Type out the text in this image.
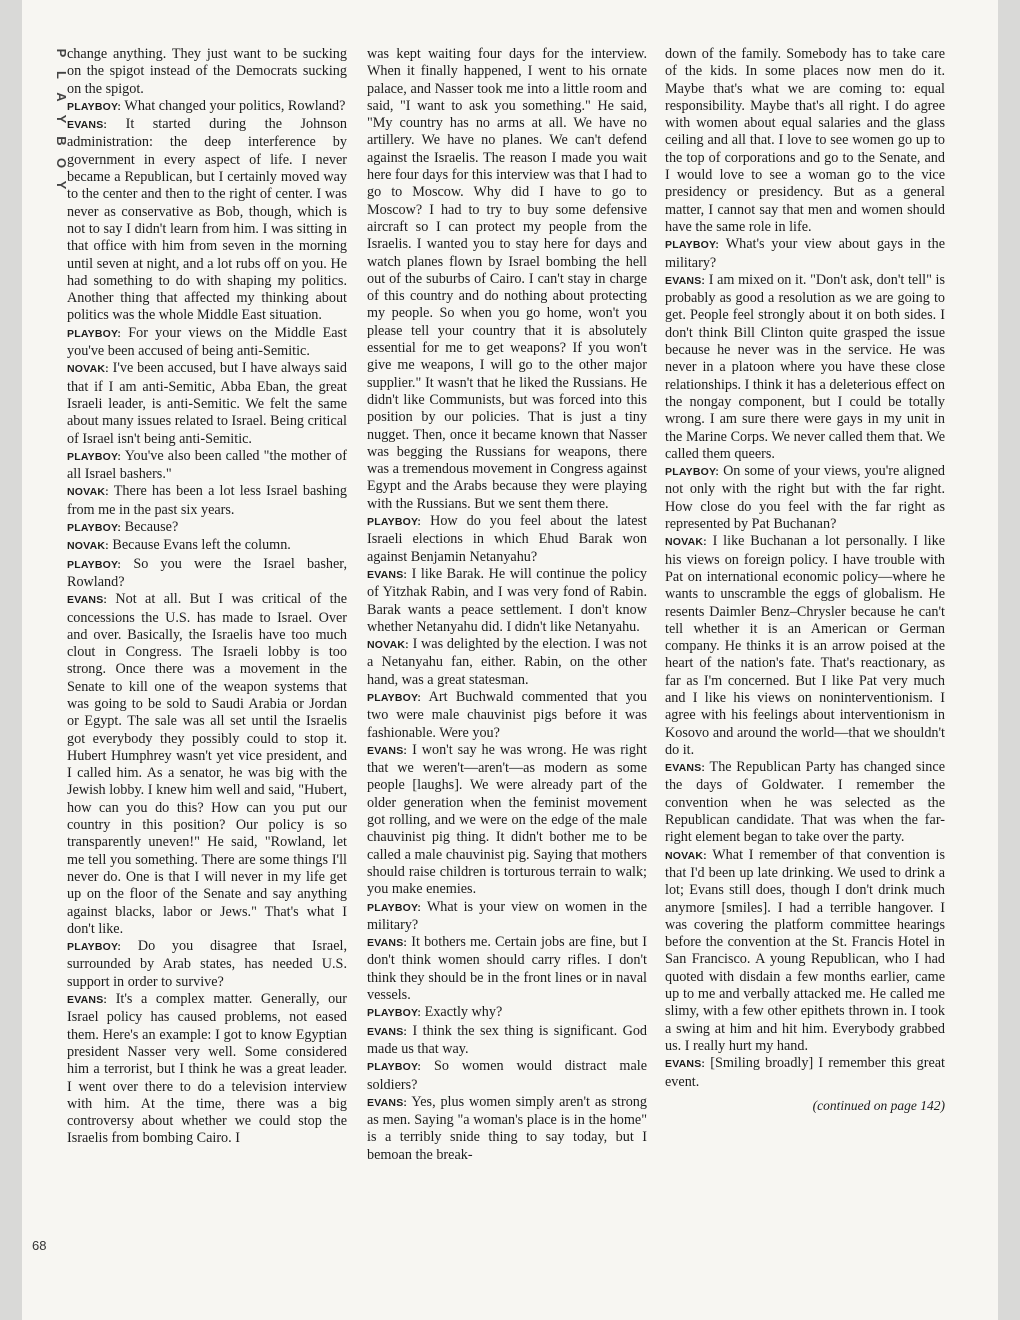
P
L
A
Y
B
O
Y
68

change anything. They just want to be sucking on the spigot instead of the Democrats sucking on the spigot.

PLAYBOY: What changed your politics, Rowland?

EVANS: It started during the Johnson administration: the deep interference by government in every aspect of life. I never became a Republican, but I certainly moved way to the center and then to the right of center. I was never as conservative as Bob, though, which is not to say I didn't learn from him. I was sitting in that office with him from seven in the morning until seven at night, and a lot rubs off on you. He had something to do with shaping my politics. Another thing that affected my thinking about politics was the whole Middle East situation.

PLAYBOY: For your views on the Middle East you've been accused of being anti-Semitic.

NOVAK: I've been accused, but I have always said that if I am anti-Semitic, Abba Eban, the great Israeli leader, is anti-Semitic. We felt the same about many issues related to Israel. Being critical of Israel isn't being anti-Semitic.

PLAYBOY: You've also been called "the mother of all Israel bashers."

NOVAK: There has been a lot less Israel bashing from me in the past six years.

PLAYBOY: Because?

NOVAK: Because Evans left the column.

PLAYBOY: So you were the Israel basher, Rowland?

EVANS: Not at all. But I was critical of the concessions the U.S. has made to Israel. Over and over. Basically, the Israelis have too much clout in Congress. The Israeli lobby is too strong. Once there was a movement in the Senate to kill one of the weapon systems that was going to be sold to Saudi Arabia or Jordan or Egypt. The sale was all set until the Israelis got everybody they possibly could to stop it. Hubert Humphrey wasn't yet vice president, and I called him. As a senator, he was big with the Jewish lobby. I knew him well and said, "Hubert, how can you do this? How can you put our country in this position? Our policy is so transparently uneven!" He said, "Rowland, let me tell you something. There are some things I'll never do. One is that I will never in my life get up on the floor of the Senate and say anything against blacks, labor or Jews." That's what I don't like.

PLAYBOY: Do you disagree that Israel, surrounded by Arab states, has needed U.S. support in order to survive?

EVANS: It's a complex matter. Generally, our Israel policy has caused problems, not eased them. Here's an example: I got to know Egyptian president Nasser very well. Some considered him a terrorist, but I think he was a great leader. I went over there to do a television interview with him. At the time, there was a big controversy about whether we could stop the Israelis from bombing Cairo. I

was kept waiting four days for the interview. When it finally happened, I went to his ornate palace, and Nasser took me into a little room and said, "I want to ask you something." He said, "My country has no arms at all. We have no artillery. We have no planes. We can't defend against the Israelis. The reason I made you wait here four days for this interview was that I had to go to Moscow. Why did I have to go to Moscow? I had to try to buy some defensive aircraft so I can protect my people from the Israelis. I wanted you to stay here for days and watch planes flown by Israel bombing the hell out of the suburbs of Cairo. I can't stay in charge of this country and do nothing about protecting my people. So when you go home, won't you please tell your country that it is absolutely essential for me to get weapons? If you won't give me weapons, I will go to the other major supplier." It wasn't that he liked the Russians. He didn't like Communists, but was forced into this position by our policies. That is just a tiny nugget. Then, once it became known that Nasser was begging the Russians for weapons, there was a tremendous movement in Congress against Egypt and the Arabs because they were playing with the Russians. But we sent them there.

PLAYBOY: How do you feel about the latest Israeli elections in which Ehud Barak won against Benjamin Netanyahu?

EVANS: I like Barak. He will continue the policy of Yitzhak Rabin, and I was very fond of Rabin. Barak wants a peace settlement. I don't know whether Netanyahu did. I didn't like Netanyahu.

NOVAK: I was delighted by the election. I was not a Netanyahu fan, either. Rabin, on the other hand, was a great statesman.

PLAYBOY: Art Buchwald commented that you two were male chauvinist pigs before it was fashionable. Were you?

EVANS: I won't say he was wrong. He was right that we weren't—aren't—as modern as some people [laughs]. We were already part of the older generation when the feminist movement got rolling, and we were on the edge of the male chauvinist pig thing. It didn't bother me to be called a male chauvinist pig. Saying that mothers should raise children is torturous terrain to walk; you make enemies.

PLAYBOY: What is your view on women in the military?

EVANS: It bothers me. Certain jobs are fine, but I don't think women should carry rifles. I don't think they should be in the front lines or in naval vessels.

PLAYBOY: Exactly why?

EVANS: I think the sex thing is significant. God made us that way.

PLAYBOY: So women would distract male soldiers?

EVANS: Yes, plus women simply aren't as strong as men. Saying "a woman's place is in the home" is a terribly snide thing to say today, but I bemoan the break-

down of the family. Somebody has to take care of the kids. In some places now men do it. Maybe that's what we are coming to: equal responsibility. Maybe that's all right. I do agree with women about equal salaries and the glass ceiling and all that. I love to see women go up to the top of corporations and go to the Senate, and I would love to see a woman go to the vice presidency or presidency. But as a general matter, I cannot say that men and women should have the same role in life.

PLAYBOY: What's your view about gays in the military?

EVANS: I am mixed on it. "Don't ask, don't tell" is probably as good a resolution as we are going to get. People feel strongly about it on both sides. I don't think Bill Clinton quite grasped the issue because he never was in the service. He was never in a platoon where you have these close relationships. I think it has a deleterious effect on the nongay component, but I could be totally wrong. I am sure there were gays in my unit in the Marine Corps. We never called them that. We called them queers.

PLAYBOY: On some of your views, you're aligned not only with the right but with the far right. How close do you feel with the far right as represented by Pat Buchanan?

NOVAK: I like Buchanan a lot personally. I like his views on foreign policy. I have trouble with Pat on international economic policy—where he wants to unscramble the eggs of globalism. He resents Daimler Benz–Chrysler because he can't tell whether it is an American or German company. He thinks it is an arrow poised at the heart of the nation's fate. That's reactionary, as far as I'm concerned. But I like Pat very much and I like his views on noninterventionism. I agree with his feelings about interventionism in Kosovo and around the world—that we shouldn't do it.

EVANS: The Republican Party has changed since the days of Goldwater. I remember the convention when he was selected as the Republican candidate. That was when the far-right element began to take over the party.

NOVAK: What I remember of that convention is that I'd been up late drinking. We used to drink a lot; Evans still does, though I don't drink much anymore [smiles]. I had a terrible hangover. I was covering the platform committee hearings before the convention at the St. Francis Hotel in San Francisco. A young Republican, who I had quoted with disdain a few months earlier, came up to me and verbally attacked me. He called me slimy, with a few other epithets thrown in. I took a swing at him and hit him. Everybody grabbed us. I really hurt my hand.

EVANS: [Smiling broadly] I remember this great event.

(continued on page 142)
